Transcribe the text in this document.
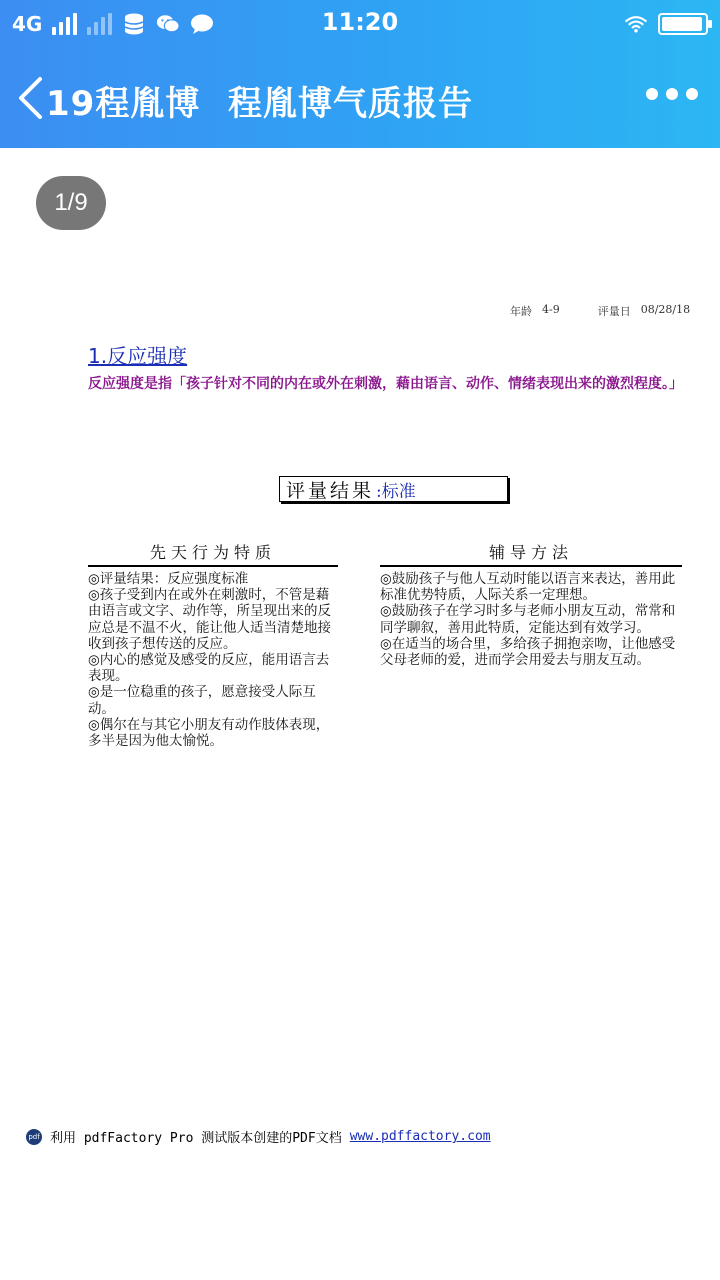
4G	11:20
19程胤博 程胤博气质报告
1/9
年龄 4-9	评量日 08/28/18
1.反应强度
反应强度是指「孩子针对不同的内在或外在刺激，藉由语言、动作、情绪表现出来的激烈程度。」
评量结果 :标准
先天行为特质
◎评量结果：反应强度标准
◎孩子受到内在或外在刺激时，不管是藉由语言或文字、动作等，所呈现出来的反应总是不温不火，能让他人适当清楚地接收到孩子想传送的反应。
◎内心的感觉及感受的反应，能用语言去表现。
◎是一位稳重的孩子，愿意接受人际互动。
◎偶尔在与其它小朋友有动作肢体表现，多半是因为他太愉悦。
辅导方法
◎鼓励孩子与他人互动时能以语言来表达，善用此标准优势特质，人际关系一定理想。
◎鼓励孩子在学习时多与老师小朋友互动，常常和同学聊叙，善用此特质，定能达到有效学习。
◎在适当的场合里，多给孩子拥抱亲吻，让他感受父母老师的爱，进而学会用爱去与朋友互动。
pdf 利用 pdfFactory Pro 测试版本创建的PDF文档 www.pdffactory.com
